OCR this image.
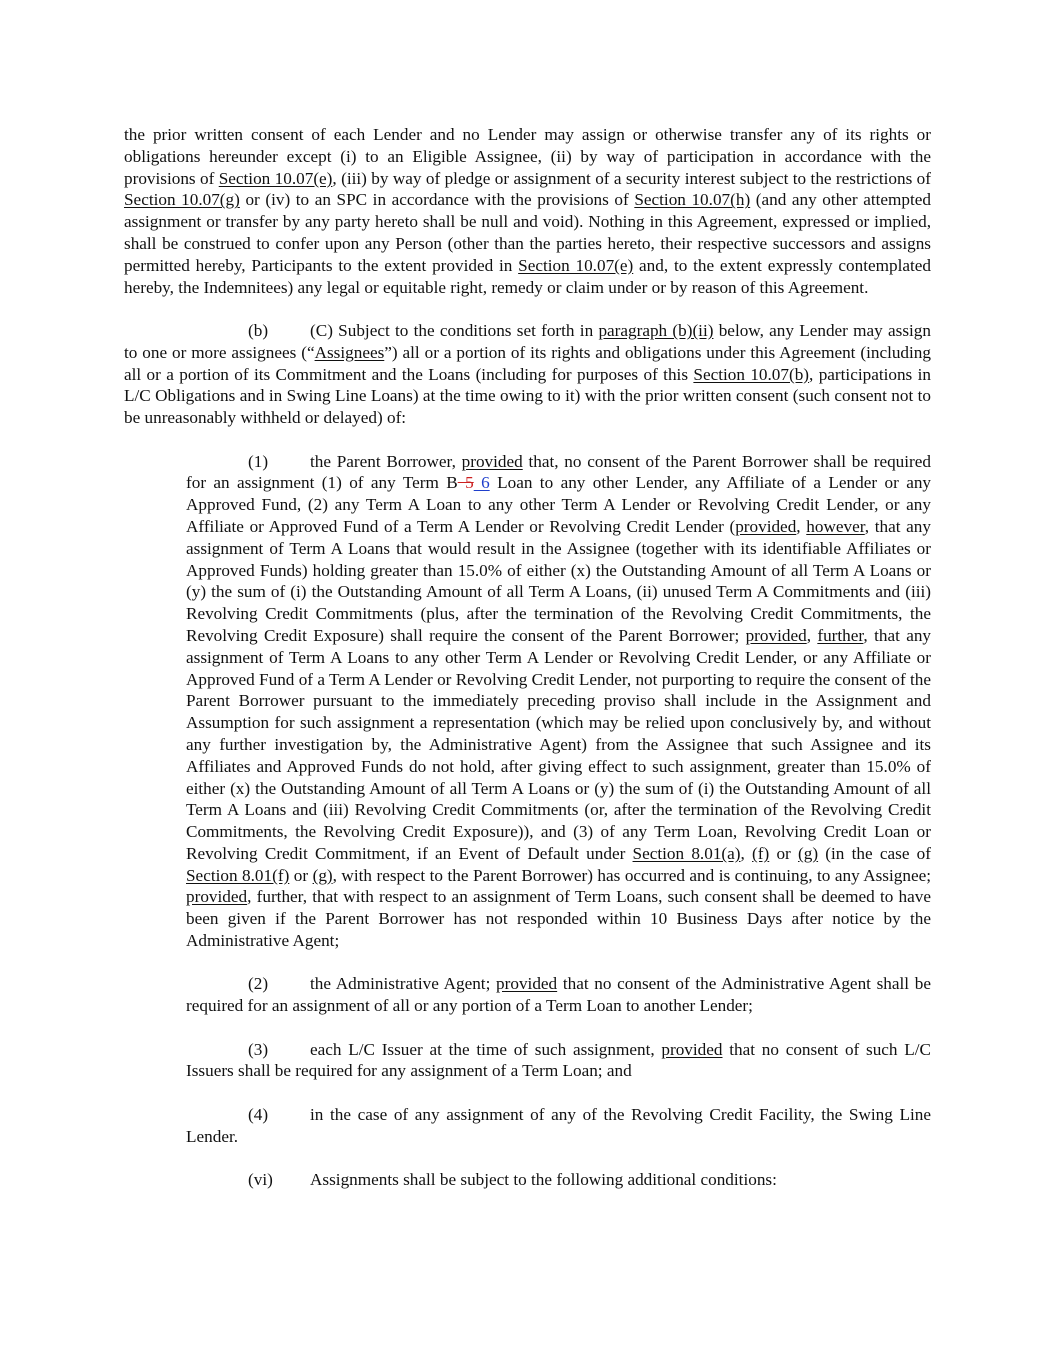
the prior written consent of each Lender and no Lender may assign or otherwise transfer any of its rights or obligations hereunder except (i) to an Eligible Assignee, (ii) by way of participation in accordance with the provisions of Section 10.07(e), (iii) by way of pledge or assignment of a security interest subject to the restrictions of Section 10.07(g) or (iv) to an SPC in accordance with the provisions of Section 10.07(h) (and any other attempted assignment or transfer by any party hereto shall be null and void). Nothing in this Agreement, expressed or implied, shall be construed to confer upon any Person (other than the parties hereto, their respective successors and assigns permitted hereby, Participants to the extent provided in Section 10.07(e) and, to the extent expressly contemplated hereby, the Indemnitees) any legal or equitable right, remedy or claim under or by reason of this Agreement.

(b) (C) Subject to the conditions set forth in paragraph (b)(ii) below, any Lender may assign to one or more assignees (“Assignees”) all or a portion of its rights and obligations under this Agreement (including all or a portion of its Commitment and the Loans (including for purposes of this Section 10.07(b), participations in L/C Obligations and in Swing Line Loans) at the time owing to it) with the prior written consent (such consent not to be unreasonably withheld or delayed) of:

(1) the Parent Borrower, provided that, no consent of the Parent Borrower shall be required for an assignment (1) of any Term B 5 6 Loan to any other Lender, any Affiliate of a Lender or any Approved Fund, (2) any Term A Loan to any other Term A Lender or Revolving Credit Lender, or any Affiliate or Approved Fund of a Term A Lender or Revolving Credit Lender (provided, however, that any assignment of Term A Loans that would result in the Assignee (together with its identifiable Affiliates or Approved Funds) holding greater than 15.0% of either (x) the Outstanding Amount of all Term A Loans or (y) the sum of (i) the Outstanding Amount of all Term A Loans, (ii) unused Term A Commitments and (iii) Revolving Credit Commitments (plus, after the termination of the Revolving Credit Commitments, the Revolving Credit Exposure) shall require the consent of the Parent Borrower; provided, further, that any assignment of Term A Loans to any other Term A Lender or Revolving Credit Lender, or any Affiliate or Approved Fund of a Term A Lender or Revolving Credit Lender, not purporting to require the consent of the Parent Borrower pursuant to the immediately preceding proviso shall include in the Assignment and Assumption for such assignment a representation (which may be relied upon conclusively by, and without any further investigation by, the Administrative Agent) from the Assignee that such Assignee and its Affiliates and Approved Funds do not hold, after giving effect to such assignment, greater than 15.0% of either (x) the Outstanding Amount of all Term A Loans or (y) the sum of (i) the Outstanding Amount of all Term A Loans and (iii) Revolving Credit Commitments (or, after the termination of the Revolving Credit Commitments, the Revolving Credit Exposure)), and (3) of any Term Loan, Revolving Credit Loan or Revolving Credit Commitment, if an Event of Default under Section 8.01(a), (f) or (g) (in the case of Section 8.01(f) or (g), with respect to the Parent Borrower) has occurred and is continuing, to any Assignee; provided, further, that with respect to an assignment of Term Loans, such consent shall be deemed to have been given if the Parent Borrower has not responded within 10 Business Days after notice by the Administrative Agent;

(2) the Administrative Agent; provided that no consent of the Administrative Agent shall be required for an assignment of all or any portion of a Term Loan to another Lender;

(3) each L/C Issuer at the time of such assignment, provided that no consent of such L/C Issuers shall be required for any assignment of a Term Loan; and

(4) in the case of any assignment of any of the Revolving Credit Facility, the Swing Line Lender.

(vi) Assignments shall be subject to the following additional conditions:
